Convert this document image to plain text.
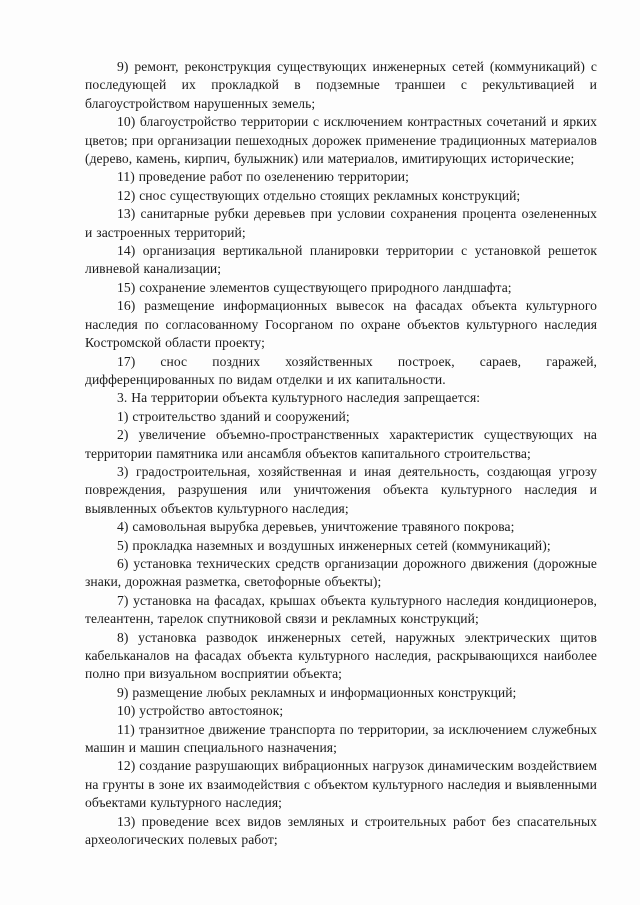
9) ремонт, реконструкция существующих инженерных сетей (коммуникаций) с последующей их прокладкой в подземные траншеи с рекультивацией и благоустройством нарушенных земель;

10) благоустройство территории с исключением контрастных сочетаний и ярких цветов; при организации пешеходных дорожек применение традиционных материалов (дерево, камень, кирпич, булыжник) или материалов, имитирующих исторические;

11) проведение работ по озеленению территории;

12) снос существующих отдельно стоящих рекламных конструкций;

13) санитарные рубки деревьев при условии сохранения процента озелененных и застроенных территорий;

14) организация вертикальной планировки территории с установкой решеток ливневой канализации;

15) сохранение элементов существующего природного ландшафта;

16) размещение информационных вывесок на фасадах объекта культурного наследия по согласованному Госорганом по охране объектов культурного наследия Костромской области проекту;

17) снос поздних хозяйственных построек, сараев, гаражей, дифференцированных по видам отделки и их капитальности.

3. На территории объекта культурного наследия запрещается:

1) строительство зданий и сооружений;

2) увеличение объемно-пространственных характеристик существующих на территории памятника или ансамбля объектов капитального строительства;

3) градостроительная, хозяйственная и иная деятельность, создающая угрозу повреждения, разрушения или уничтожения объекта культурного наследия и выявленных объектов культурного наследия;

4) самовольная вырубка деревьев, уничтожение травяного покрова;

5) прокладка наземных и воздушных инженерных сетей (коммуникаций);

6) установка технических средств организации дорожного движения (дорожные знаки, дорожная разметка, светофорные объекты);

7) установка на фасадах, крышах объекта культурного наследия кондиционеров, телеантенн, тарелок спутниковой связи и рекламных конструкций;

8) установка разводок инженерных сетей, наружных электрических щитов кабельканалов на фасадах объекта культурного наследия, раскрывающихся наиболее полно при визуальном восприятии объекта;

9) размещение любых рекламных и информационных конструкций;

10) устройство автостоянок;

11) транзитное движение транспорта по территории, за исключением служебных машин и машин специального назначения;

12) создание разрушающих вибрационных нагрузок динамическим воздействием на грунты в зоне их взаимодействия с объектом культурного наследия и выявленными объектами культурного наследия;

13) проведение всех видов земляных и строительных работ без спасательных археологических полевых работ;
